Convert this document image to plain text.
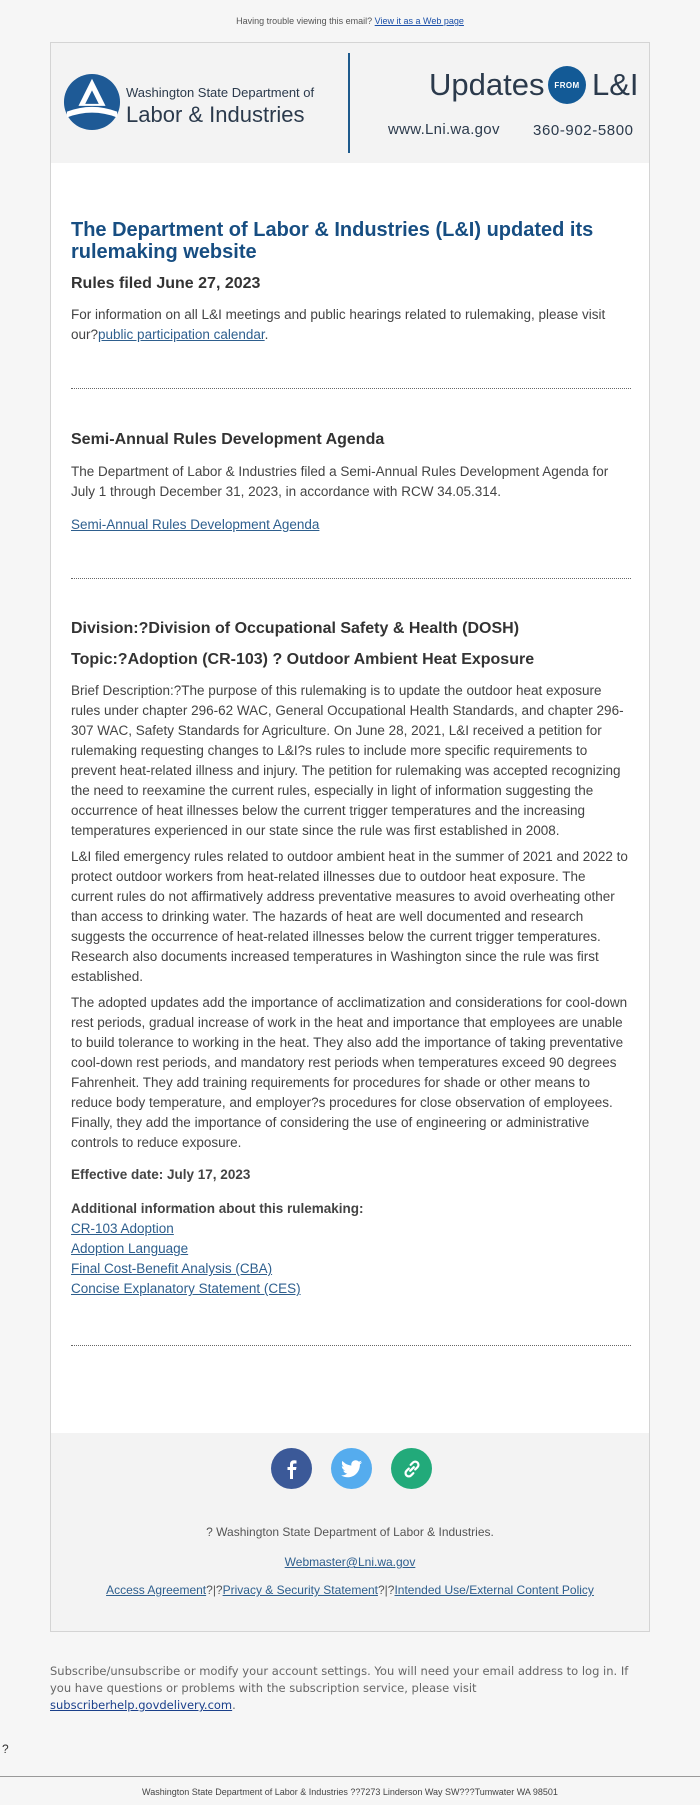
Having trouble viewing this email? View it as a Web page
Washington State Department of
Labor & Industries
Updates	FROM L&I
www.Lni.wa.gov 360-902-5800
The Department of Labor & Industries (L&I) updated its rulemaking website
Rules filed June 27, 2023

For information on all L&I meetings and public hearings related to rulemaking, please visit our?public participation calendar.

Semi-Annual Rules Development Agenda

The Department of Labor & Industries filed a Semi-Annual Rules Development Agenda for July 1 through December 31, 2023, in accordance with RCW 34.05.314.

Semi-Annual Rules Development Agenda

Division:?Division of Occupational Safety & Health (DOSH)
Topic:?Adoption (CR-103) ? Outdoor Ambient Heat Exposure

Brief Description:?The purpose of this rulemaking is to update the outdoor heat exposure rules under chapter 296-62 WAC, General Occupational Health Standards, and chapter 296-307 WAC, Safety Standards for Agriculture. On June 28, 2021, L&I received a petition for rulemaking requesting changes to L&I?s rules to include more specific requirements to prevent heat-related illness and injury. The petition for rulemaking was accepted recognizing the need to reexamine the current rules, especially in light of information suggesting the occurrence of heat illnesses below the current trigger temperatures and the increasing temperatures experienced in our state since the rule was first established in 2008.

L&I filed emergency rules related to outdoor ambient heat in the summer of 2021 and 2022 to protect outdoor workers from heat-related illnesses due to outdoor heat exposure. The current rules do not affirmatively address preventative measures to avoid overheating other than access to drinking water. The hazards of heat are well documented and research suggests the occurrence of heat-related illnesses below the current trigger temperatures. Research also documents increased temperatures in Washington since the rule was first established.

The adopted updates add the importance of acclimatization and considerations for cool-down rest periods, gradual increase of work in the heat and importance that employees are unable to build tolerance to working in the heat. They also add the importance of taking preventative cool-down rest periods, and mandatory rest periods when temperatures exceed 90 degrees Fahrenheit. They add training requirements for procedures for shade or other means to reduce body temperature, and employer?s procedures for close observation of employees. Finally, they add the importance of considering the use of engineering or administrative controls to reduce exposure.

Effective date: July 17, 2023

Additional information about this rulemaking:

CR-103 Adoption
Adoption Language
Final Cost-Benefit Analysis (CBA)
Concise Explanatory Statement (CES)

? Washington State Department of Labor & Industries.
Webmaster@Lni.wa.gov
Access Agreement?|?Privacy & Security Statement?|?Intended Use/External Content Policy
Subscribe/unsubscribe or modify your account settings. You will need your email address to log in. If you have questions or problems with the subscription service, please visit subscriberhelp.govdelivery.com.
?
Washington State Department of Labor & Industries ??7273 Linderson Way SW???Tumwater WA 98501
